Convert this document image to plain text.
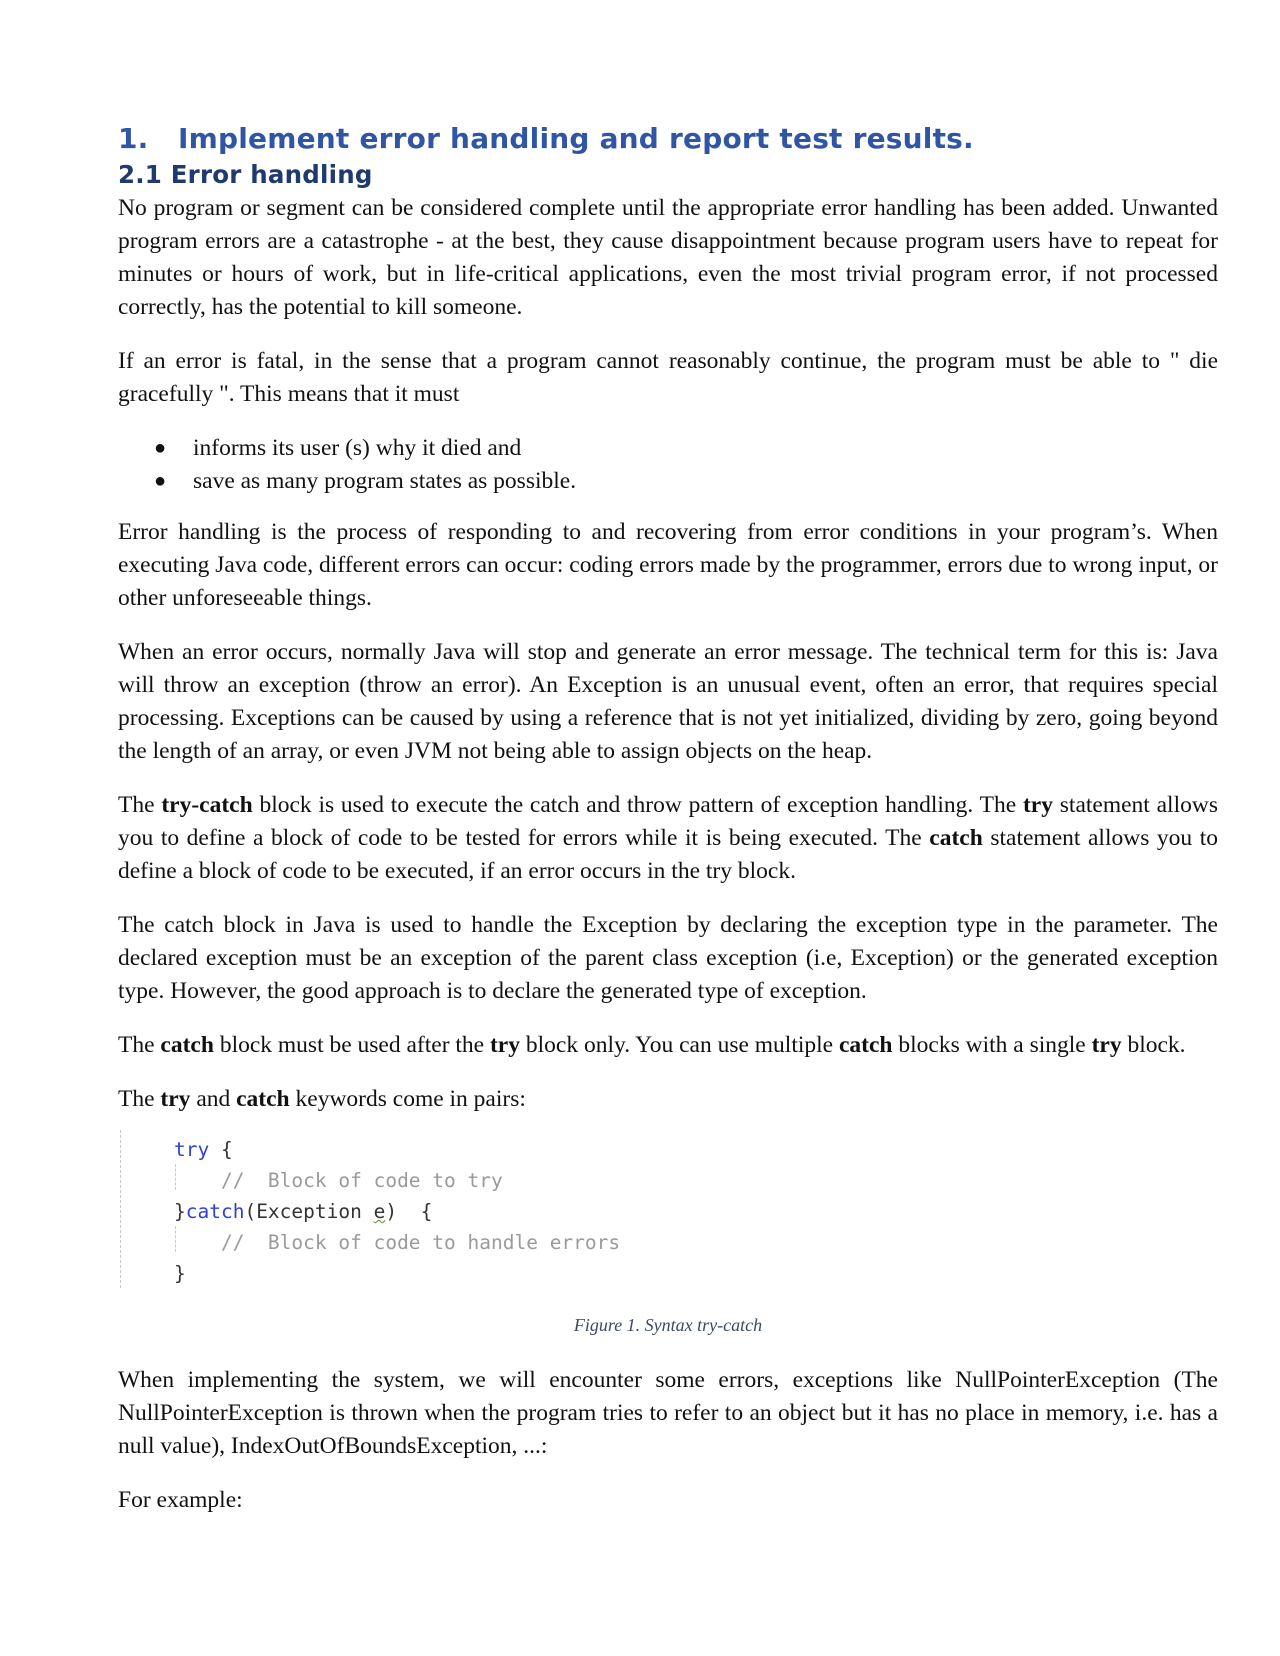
1. Implement error handling and report test results.
2.1 Error handling

No program or segment can be considered complete until the appropriate error handling has been added. Unwanted program errors are a catastrophe - at the best, they cause disappointment because program users have to repeat for minutes or hours of work, but in life-critical applications, even the most trivial program error, if not processed correctly, has the potential to kill someone.

If an error is fatal, in the sense that a program cannot reasonably continue, the program must be able to " die gracefully ". This means that it must

● informs its user (s) why it died and
● save as many program states as possible.

Error handling is the process of responding to and recovering from error conditions in your program’s. When executing Java code, different errors can occur: coding errors made by the programmer, errors due to wrong input, or other unforeseeable things.

When an error occurs, normally Java will stop and generate an error message. The technical term for this is: Java will throw an exception (throw an error). An Exception is an unusual event, often an error, that requires special processing. Exceptions can be caused by using a reference that is not yet initialized, dividing by zero, going beyond the length of an array, or even JVM not being able to assign objects on the heap.

The try-catch block is used to execute the catch and throw pattern of exception handling. The try statement allows you to define a block of code to be tested for errors while it is being executed. The catch statement allows you to define a block of code to be executed, if an error occurs in the try block.

The catch block in Java is used to handle the Exception by declaring the exception type in the parameter. The declared exception must be an exception of the parent class exception (i.e, Exception) or the generated exception type. However, the good approach is to declare the generated type of exception.

The catch block must be used after the try block only. You can use multiple catch blocks with a single try block.

The try and catch keywords come in pairs:

try {
//  Block of code to try
}catch(Exception e)  {
//  Block of code to handle errors
}
Figure 1. Syntax try-catch

When implementing the system, we will encounter some errors, exceptions like NullPointerException (The NullPointerException is thrown when the program tries to refer to an object but it has no place in memory, i.e. has a null value), IndexOutOfBoundsException, ...:

For example:
